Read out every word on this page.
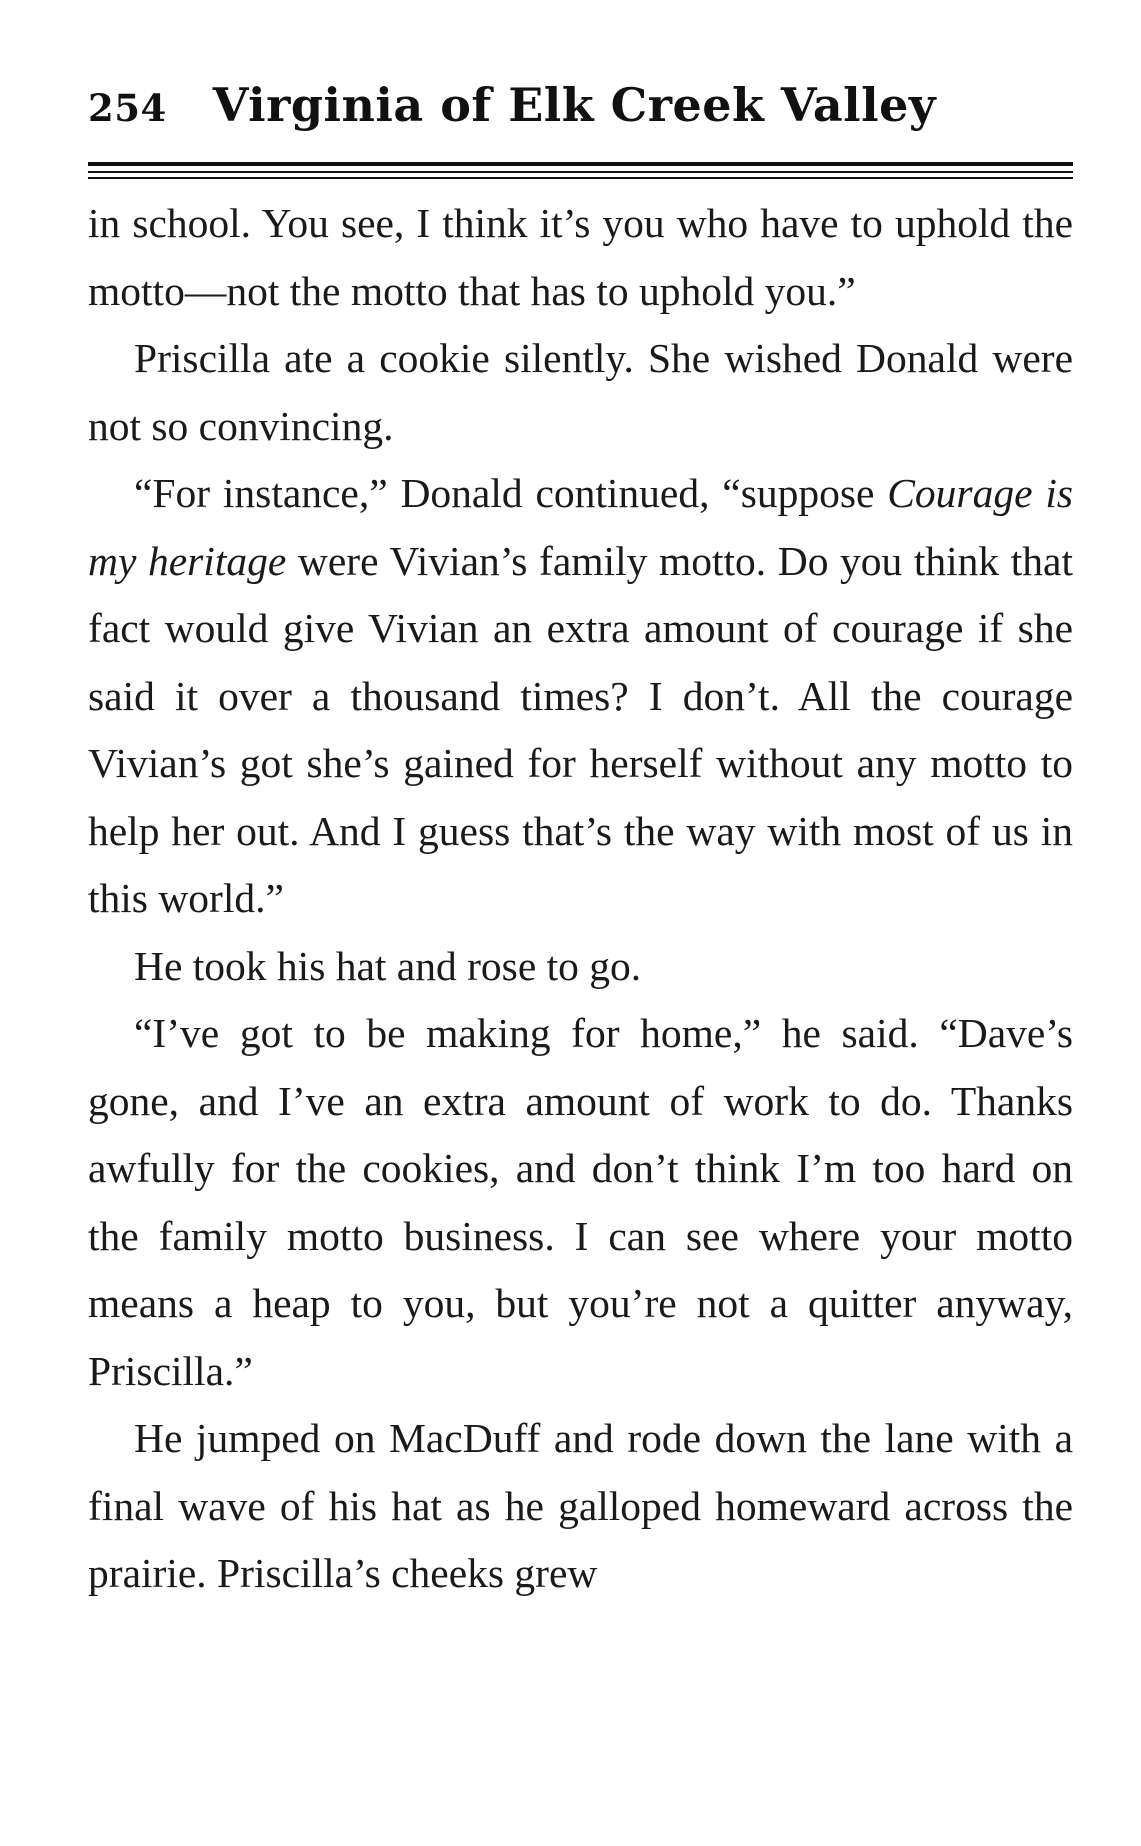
254 Virginia of Elk Creek Valley

in school. You see, I think it’s you who have to uphold the motto—not the motto that has to uphold you.”

Priscilla ate a cookie silently. She wished Donald were not so convincing.

“For instance,” Donald continued, “suppose Courage is my heritage were Vivian’s family motto. Do you think that fact would give Vivian an extra amount of courage if she said it over a thousand times? I don’t. All the courage Vivian’s got she’s gained for herself without any motto to help her out. And I guess that’s the way with most of us in this world.”

He took his hat and rose to go.

“I’ve got to be making for home,” he said. “Dave’s gone, and I’ve an extra amount of work to do. Thanks awfully for the cookies, and don’t think I’m too hard on the family motto business. I can see where your motto means a heap to you, but you’re not a quitter anyway, Priscilla.”

He jumped on MacDuff and rode down the lane with a final wave of his hat as he galloped homeward across the prairie. Priscilla’s cheeks grew
